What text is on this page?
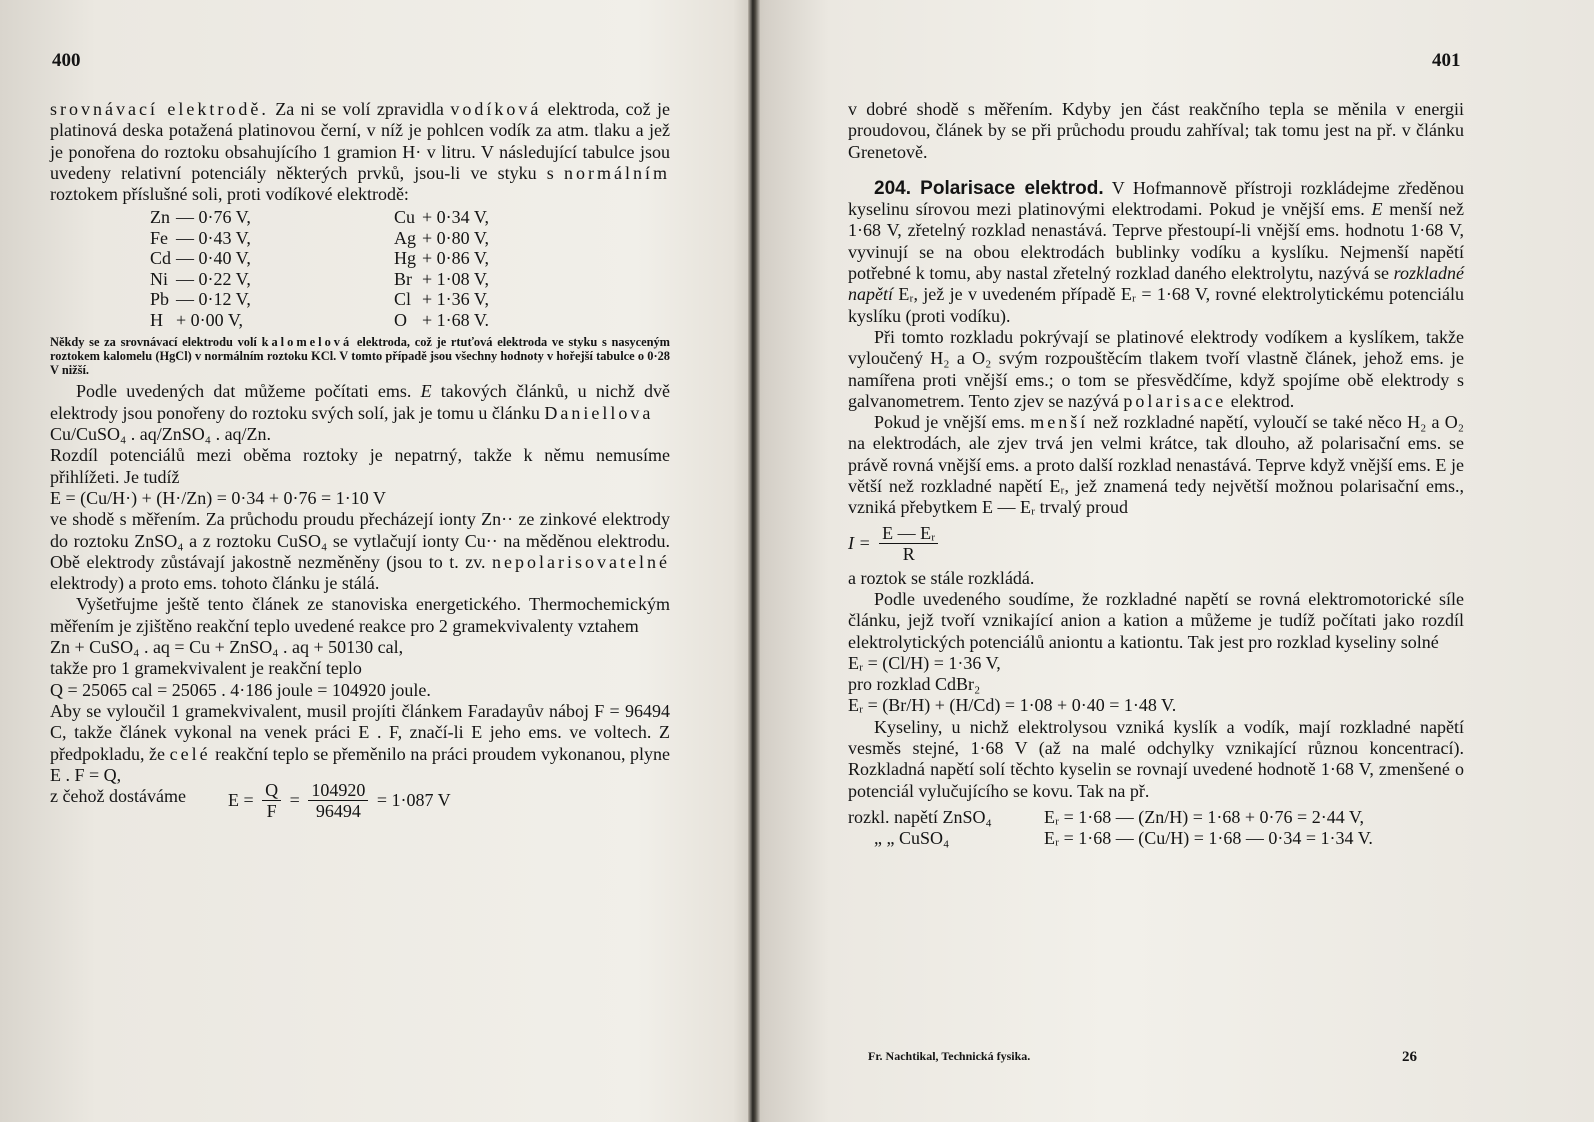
400

srovnávací elektrodě. Za ni se volí zpravidla vodíková elektroda, což je platinová deska potažená platinovou černí, v níž je pohlcen vodík za atm. tlaku a jež je ponořena do roztoku obsahujícího 1 gramion H· v litru. V následující tabulce jsou uvedeny relativní potenciály některých prvků, jsou-li ve styku s normálním roztokem příslušné soli, proti vodíkové elektrodě:

Zn	— 0·76 V,	Cu	+ 0·34 V,
Fe	— 0·43 V,	Ag	+ 0·80 V,
Cd	— 0·40 V,	Hg	+ 0·86 V,
Ni	— 0·22 V,	Br	+ 1·08 V,
Pb	— 0·12 V,	Cl	+ 1·36 V,
H	+ 0·00 V,	O	+ 1·68 V.

Někdy se za srovnávací elektrodu volí kalomelová elektroda, což je rtuťová elektroda ve styku s nasyceným roztokem kalomelu (HgCl) v normálním roztoku KCl. V tomto případě jsou všechny hodnoty v hořejší tabulce o 0·28 V nižší.

Podle uvedených dat můžeme počítati ems. E takových článků, u nichž dvě elektrody jsou ponořeny do roztoku svých solí, jak je tomu u článku Daniellova

Cu/CuSO₄ . aq/ZnSO₄ . aq/Zn.

Rozdíl potenciálů mezi oběma roztoky je nepatrný, takže k němu nemusíme přihlížeti. Je tudíž

E = (Cu/H·) + (H·/Zn) = 0·34 + 0·76 = 1·10 V

ve shodě s měřením. Za průchodu proudu přecházejí ionty Zn·· ze zinkové elektrody do roztoku ZnSO₄ a z roztoku CuSO₄ se vytlačují ionty Cu·· na měděnou elektrodu. Obě elektrody zůstávají jakostně nezměněny (jsou to t. zv. nepolarisovatelné elektrody) a proto ems. tohoto článku je stálá.

Vyšetřujme ještě tento článek ze stanoviska energetického. Thermochemickým měřením je zjištěno reakční teplo uvedené reakce pro 2 gramekvivalenty vztahem

Zn + CuSO₄ . aq = Cu + ZnSO₄ . aq + 50130 cal,

takže pro 1 gramekvivalent je reakční teplo

Q = 25065 cal = 25065 . 4·186 joule = 104920 joule.

Aby se vyloučil 1 gramekvivalent, musil projíti článkem Faradayův náboj F = 96494 C, takže článek vykonal na venek práci E . F, značí-li E jeho ems. ve voltech. Z předpokladu, že celé reakční teplo se přeměnilo na práci proudem vykonanou, plyne E . F = Q,

z čehož dostáváme $E = \frac{Q}{F} = \frac{104920}{96494} = 1\cdot 087$ V
401

v dobré shodě s měřením. Kdyby jen část reakčního tepla se měnila v energii proudovou, článek by se při průchodu proudu zahříval; tak tomu jest na př. v článku Grenetově.

204. Polarisace elektrod. V Hofmannově přístroji rozkládejme zředěnou kyselinu sírovou mezi platinovými elektrodami. Pokud je vnější ems. E menší než 1·68 V, zřetelný rozklad nenastává. Teprve přestoupí-li vnější ems. hodnotu 1·68 V, vyvinují se na obou elektrodách bublinky vodíku a kyslíku. Nejmenší napětí potřebné k tomu, aby nastal zřetelný rozklad daného elektrolytu, nazývá se rozkladné napětí Eᵣ, jež je v uvedeném případě Eᵣ = 1·68 V, rovné elektrolytickému potenciálu kyslíku (proti vodíku).

Při tomto rozkladu pokrývají se platinové elektrody vodíkem a kyslíkem, takže vyloučený H₂ a O₂ svým rozpouštěcím tlakem tvoří vlastně článek, jehož ems. je namířena proti vnější ems.; o tom se přesvědčíme, když spojíme obě elektrody s galvanometrem. Tento zjev se nazývá polarisace elektrod.

Pokud je vnější ems. menší než rozkladné napětí, vyloučí se také něco H₂ a O₂ na elektrodách, ale zjev trvá jen velmi krátce, tak dlouho, až polarisační ems. se právě rovná vnější ems. a proto další rozklad nenastává. Teprve když vnější ems. E je větší než rozkladné napětí Eᵣ, jež znamená tedy největší možnou polarisační ems., vzniká přebytkem E — Eᵣ trvalý proud

$I = \frac{\text{E — Eᵣ}}{R}$

a roztok se stále rozkládá.

Podle uvedeného soudíme, že rozkladné napětí se rovná elektromotorické síle článku, jejž tvoří vznikající anion a kation a můžeme je tudíž počítati jako rozdíl elektrolytických potenciálů aniontu a kationtu. Tak jest pro rozklad kyseliny solné

Eᵣ = (Cl/H) = 1·36 V,

pro rozklad CdBr₂

Eᵣ = (Br/H) + (H/Cd) = 1·08 + 0·40 = 1·48 V.

Kyseliny, u nichž elektrolysou vzniká kyslík a vodík, mají rozkladné napětí vesměs stejné, 1·68 V (až na malé odchylky vznikající různou koncentrací). Rozkladná napětí solí těchto kyselin se rovnají uvedené hodnotě 1·68 V, zmenšené o potenciál vylučujícího se kovu. Tak na př.

rozkl. napětí ZnSO₄	Eᵣ = 1·68 — (Zn/H) = 1·68 + 0·76 = 2·44 V,
„ „ CuSO₄	Eᵣ = 1·68 — (Cu/H) = 1·68 — 0·34 = 1·34 V.
Fr. Nachtikal, Technická fysika.	26
